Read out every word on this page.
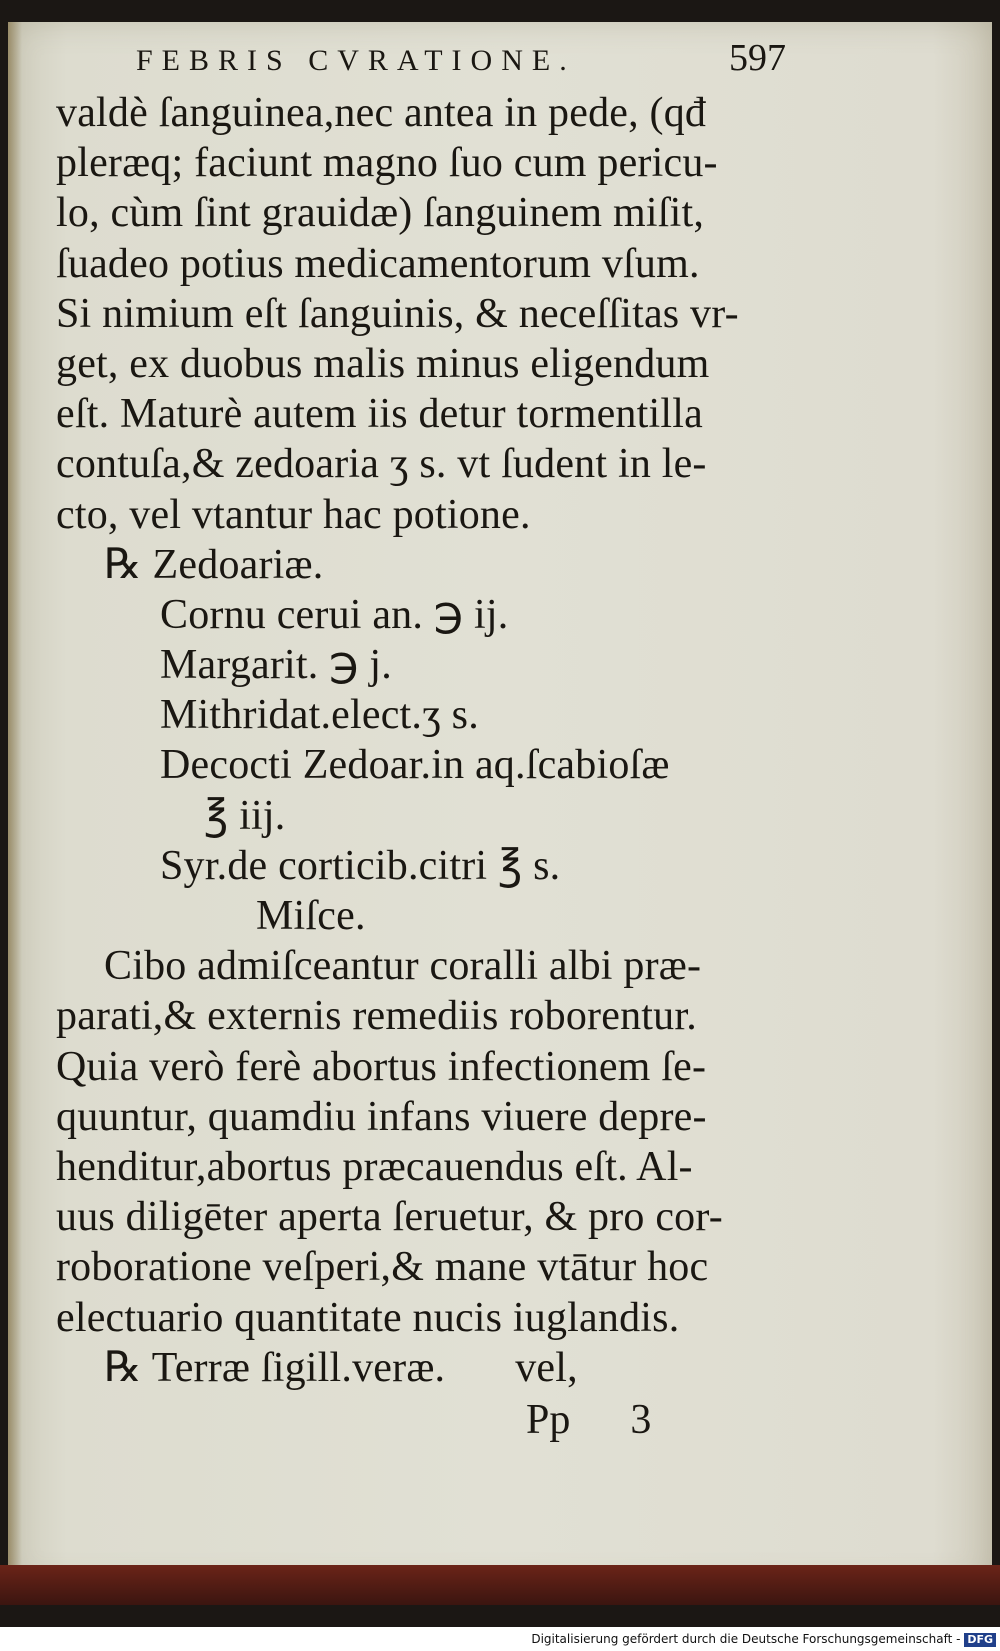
FEBRIS CVRATIONE.	597
valdè ſanguinea,nec antea in pede, (qđ
pleræq; faciunt magno ſuo cum pericu-
lo, cùm ſint grauidæ) ſanguinem miſit,
ſuadeo potius medicamentorum vſum.
Si nimium eſt ſanguinis, & neceſſitas vr-
get, ex duobus malis minus eligendum
eſt. Maturè autem iis detur tormentilla
contuſa,& zedoaria ʒ s. vt ſudent in le-
cto, vel vtantur hac potione.
℞ Zedoariæ.
Cornu cerui an. ℈ ij.
Margarit. ℈ j.
Mithridat.elect.ʒ s.
Decocti Zedoar.in aq.ſcabioſæ
℥ iij.
Syr.de corticib.citri ℥ s.
Miſce.
Cibo admiſceantur coralli albi præ-
parati,& externis remediis roborentur.
Quia verò ferè abortus infectionem ſe-
quuntur, quamdiu infans viuere depre-
henditur,abortus præcauendus eſt. Al-
uus diligēter aperta ſeruetur, & pro cor-
roboratione veſperi,& mane vtātur hoc
electuario quantitate nucis iuglandis.
℞ Terræ ſigill.veræ. vel,
Pp 3
Digitalisierung gefördert durch die Deutsche Forschungsgemeinschaft - DFG
